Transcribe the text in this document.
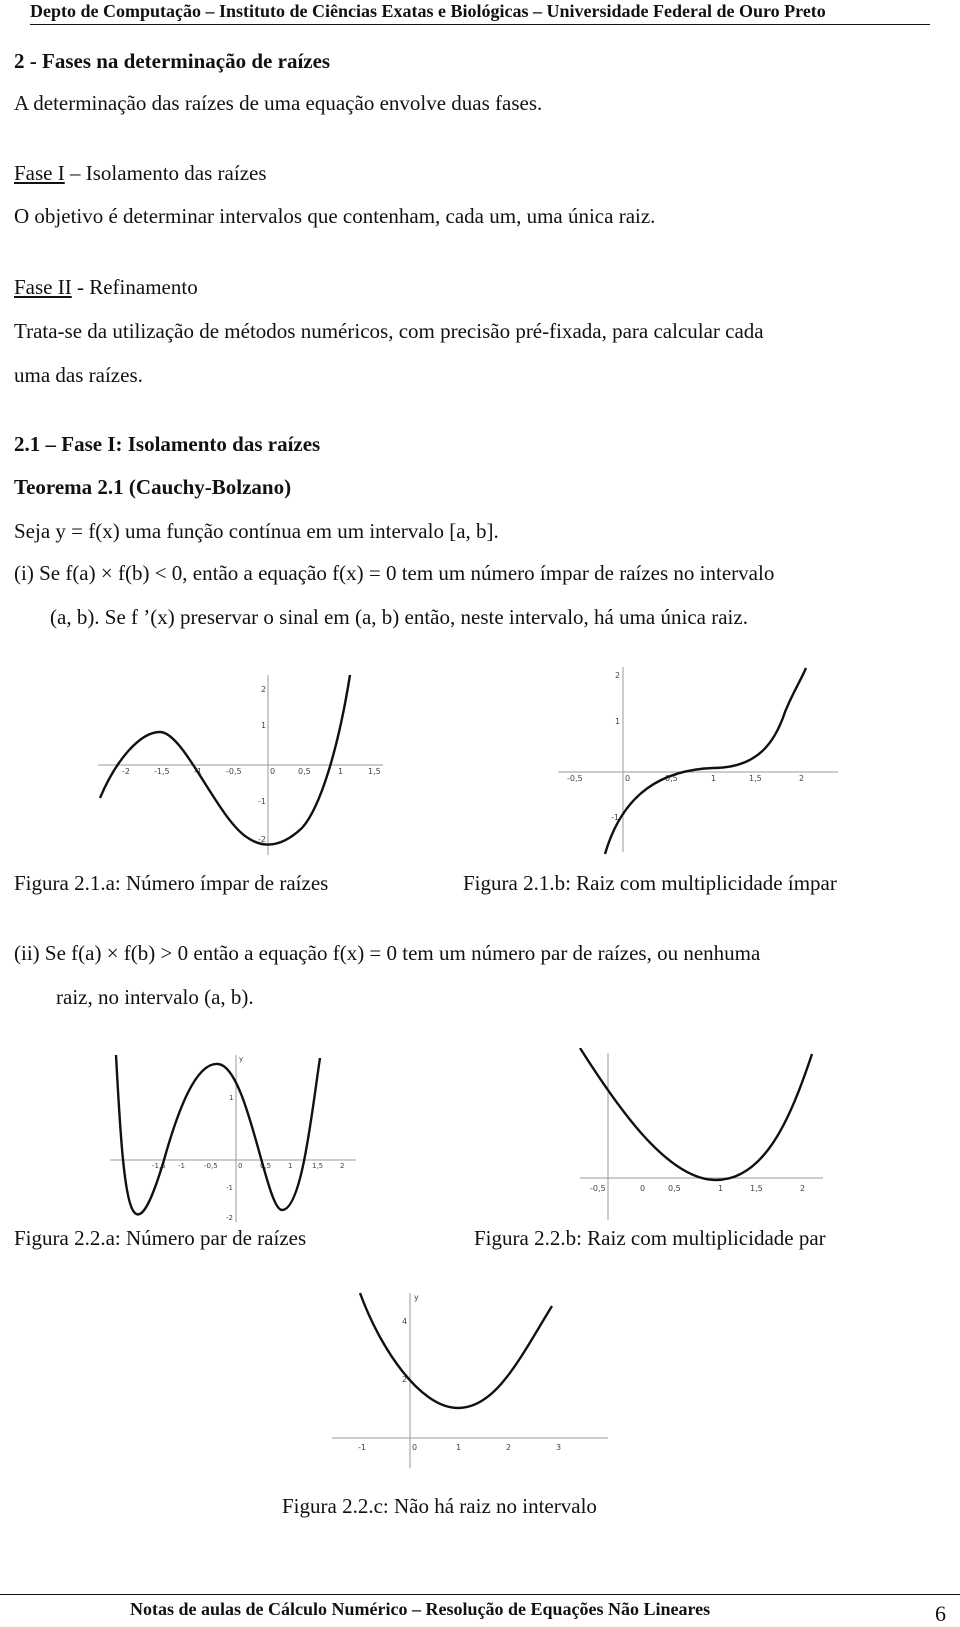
Depto de Computação – Instituto de Ciências Exatas e Biológicas – Universidade Federal de Ouro Preto
2 - Fases na determinação de raízes
A determinação das raízes de uma equação envolve duas fases.
Fase I – Isolamento das raízes
O objetivo é determinar intervalos que contenham, cada um, uma única raiz.
Fase II - Refinamento
Trata-se da utilização de métodos numéricos, com precisão pré-fixada, para calcular cada
uma das raízes.
2.1 – Fase I: Isolamento das raízes
Teorema 2.1 (Cauchy-Bolzano)
Seja y = f(x) uma função contínua em um intervalo [a, b].
(i) Se f(a) × f(b) < 0, então a equação f(x) = 0 tem um número ímpar de raízes no intervalo
(a, b). Se f ’(x) preservar o sinal em (a, b) então, neste intervalo, há uma única raiz.
-2	-1,5	-1	-0,5	0	0,5	1	1,5
2
1
-1
-2
-0,5	0	0,5	1	1,5	2
2
1
-1
Figura 2.1.a: Número ímpar de raízes	Figura 2.1.b: Raiz com multiplicidade ímpar
(ii) Se f(a) × f(b) > 0 então a equação f(x) = 0 tem um número par de raízes, ou nenhuma
raiz, no intervalo (a, b).
-1,5 -1	-0,5	0	0,5 1	1,5 2
y
1
-1
-2
-0,5	0	0,5	1	1,5	2
Figura 2.2.a: Número par de raízes	Figura 2.2.b: Raiz com multiplicidade par
-1	0	1	2	3
y
4
2
Figura 2.2.c: Não há raiz no intervalo
Notas de aulas de Cálculo Numérico – Resolução de Equações Não Lineares	6
